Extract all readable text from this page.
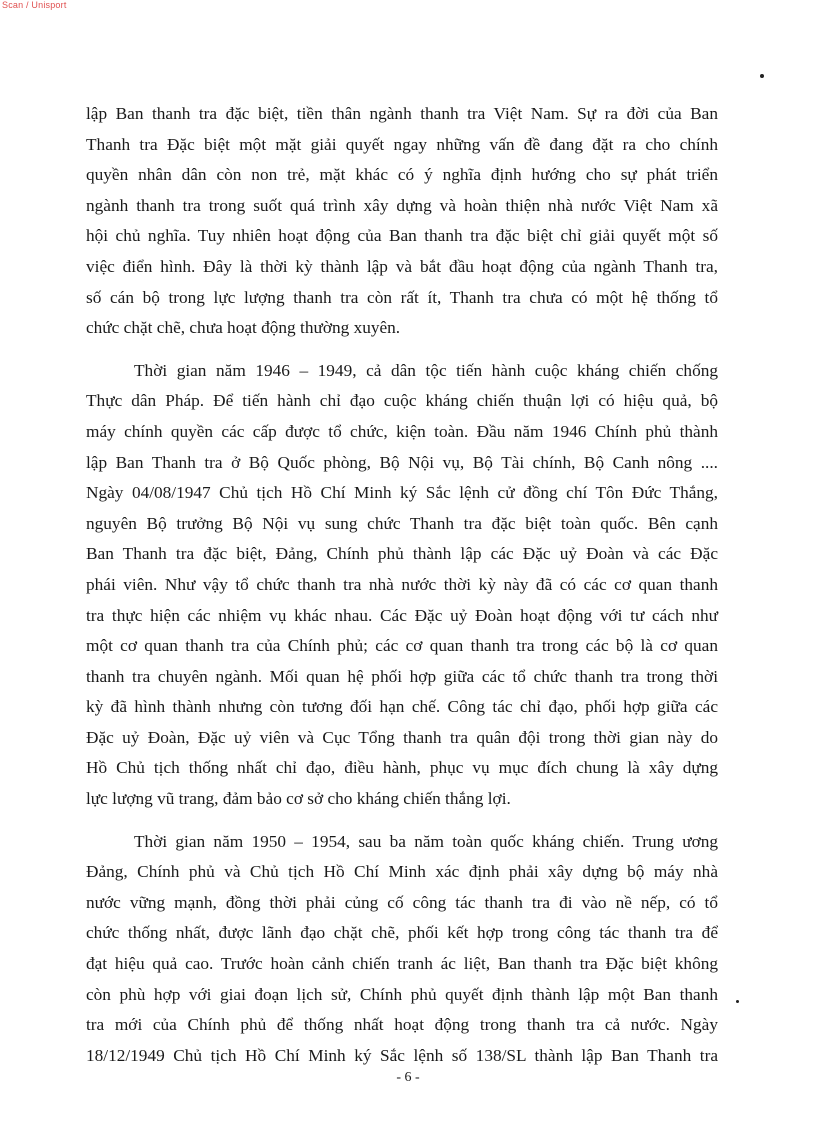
Scan / Unisport

lập Ban thanh tra đặc biệt, tiền thân ngành thanh tra Việt Nam. Sự ra đời của Ban
Thanh tra Đặc biệt một mặt giải quyết ngay những vấn đề đang đặt ra cho chính
quyền nhân dân còn non trẻ, mặt khác có ý nghĩa định hướng cho sự phát triển
ngành thanh tra trong suốt quá trình xây dựng và hoàn thiện nhà nước Việt Nam xã
hội chủ nghĩa. Tuy nhiên hoạt động của Ban thanh tra đặc biệt chỉ giải quyết một số
việc điển hình. Đây là thời kỳ thành lập và bắt đầu hoạt động của ngành Thanh tra,
số cán bộ trong lực lượng thanh tra còn rất ít, Thanh tra chưa có một hệ thống tổ
chức chặt chẽ, chưa hoạt động thường xuyên.

Thời gian năm 1946 – 1949, cả dân tộc tiến hành cuộc kháng chiến chống
Thực dân Pháp. Để tiến hành chỉ đạo cuộc kháng chiến thuận lợi có hiệu quả, bộ
máy chính quyền các cấp được tổ chức, kiện toàn. Đầu năm 1946 Chính phủ thành
lập Ban Thanh tra ở Bộ Quốc phòng, Bộ Nội vụ, Bộ Tài chính, Bộ Canh nông ....
Ngày 04/08/1947 Chủ tịch Hồ Chí Minh ký Sắc lệnh cử đồng chí Tôn Đức Thắng,
nguyên Bộ trưởng Bộ Nội vụ sung chức Thanh tra đặc biệt toàn quốc. Bên cạnh
Ban Thanh tra đặc biệt, Đảng, Chính phủ thành lập các Đặc uỷ Đoàn và các Đặc
phái viên. Như vậy tổ chức thanh tra nhà nước thời kỳ này đã có các cơ quan thanh
tra thực hiện các nhiệm vụ khác nhau. Các Đặc uỷ Đoàn hoạt động với tư cách như
một cơ quan thanh tra của Chính phủ; các cơ quan thanh tra trong các bộ là cơ quan
thanh tra chuyên ngành. Mối quan hệ phối hợp giữa các tổ chức thanh tra trong thời
kỳ đã hình thành nhưng còn tương đối hạn chế. Công tác chỉ đạo, phối hợp giữa các
Đặc uỷ Đoàn, Đặc uỷ viên và Cục Tổng thanh tra quân đội trong thời gian này do
Hồ Chủ tịch thống nhất chỉ đạo, điều hành, phục vụ mục đích chung là xây dựng
lực lượng vũ trang, đảm bảo cơ sở cho kháng chiến thắng lợi.

Thời gian năm 1950 – 1954, sau ba năm toàn quốc kháng chiến. Trung ương
Đảng, Chính phủ và Chủ tịch Hồ Chí Minh xác định phải xây dựng bộ máy nhà
nước vững mạnh, đồng thời phải củng cố công tác thanh tra đi vào nề nếp, có tổ
chức thống nhất, được lãnh đạo chặt chẽ, phối kết hợp trong công tác thanh tra để
đạt hiệu quả cao. Trước hoàn cảnh chiến tranh ác liệt, Ban thanh tra Đặc biệt không
còn phù hợp với giai đoạn lịch sử, Chính phủ quyết định thành lập một Ban thanh
tra mới của Chính phủ để thống nhất hoạt động trong thanh tra cả nước. Ngày
18/12/1949 Chủ tịch Hồ Chí Minh ký Sắc lệnh số 138/SL thành lập Ban Thanh tra

- 6 -
